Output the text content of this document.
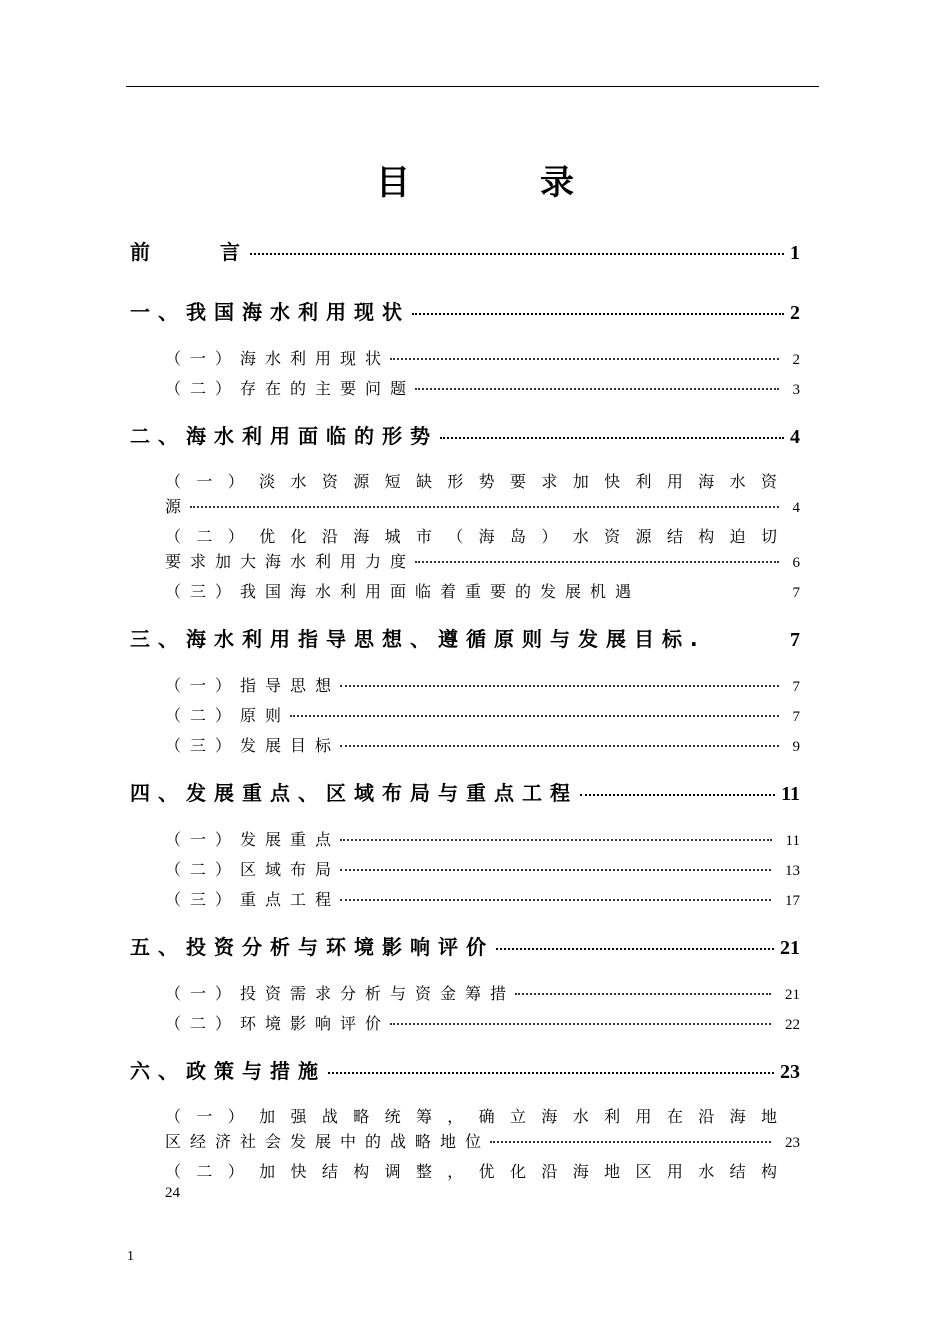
目	录
前	言	1
一、我国海水利用现状	2
（一）海水利用现状	2
（二）存在的主要问题	3
二、海水利用面临的形势	4
（一）淡水资源短缺形势要求加快利用海水资
源	4
（二）优化沿海城市（海岛）水资源结构迫切
要求加大海水利用力度	6
（三）我国海水利用面临着重要的发展机遇	7
三、海水利用指导思想、遵循原则与发展目标.	7
（一）指导思想	7
（二）原则	7
（三）发展目标	9
四、发展重点、区域布局与重点工程	11
（一）发展重点	11
（二）区域布局	13
（三）重点工程	17
五、投资分析与环境影响评价	21
（一）投资需求分析与资金筹措	21
（二）环境影响评价	22
六、政策与措施	23
（一）加强战略统筹，确立海水利用在沿海地
区经济社会发展中的战略地位	23
（二）加快结构调整，优化沿海地区用水结构
24
1
